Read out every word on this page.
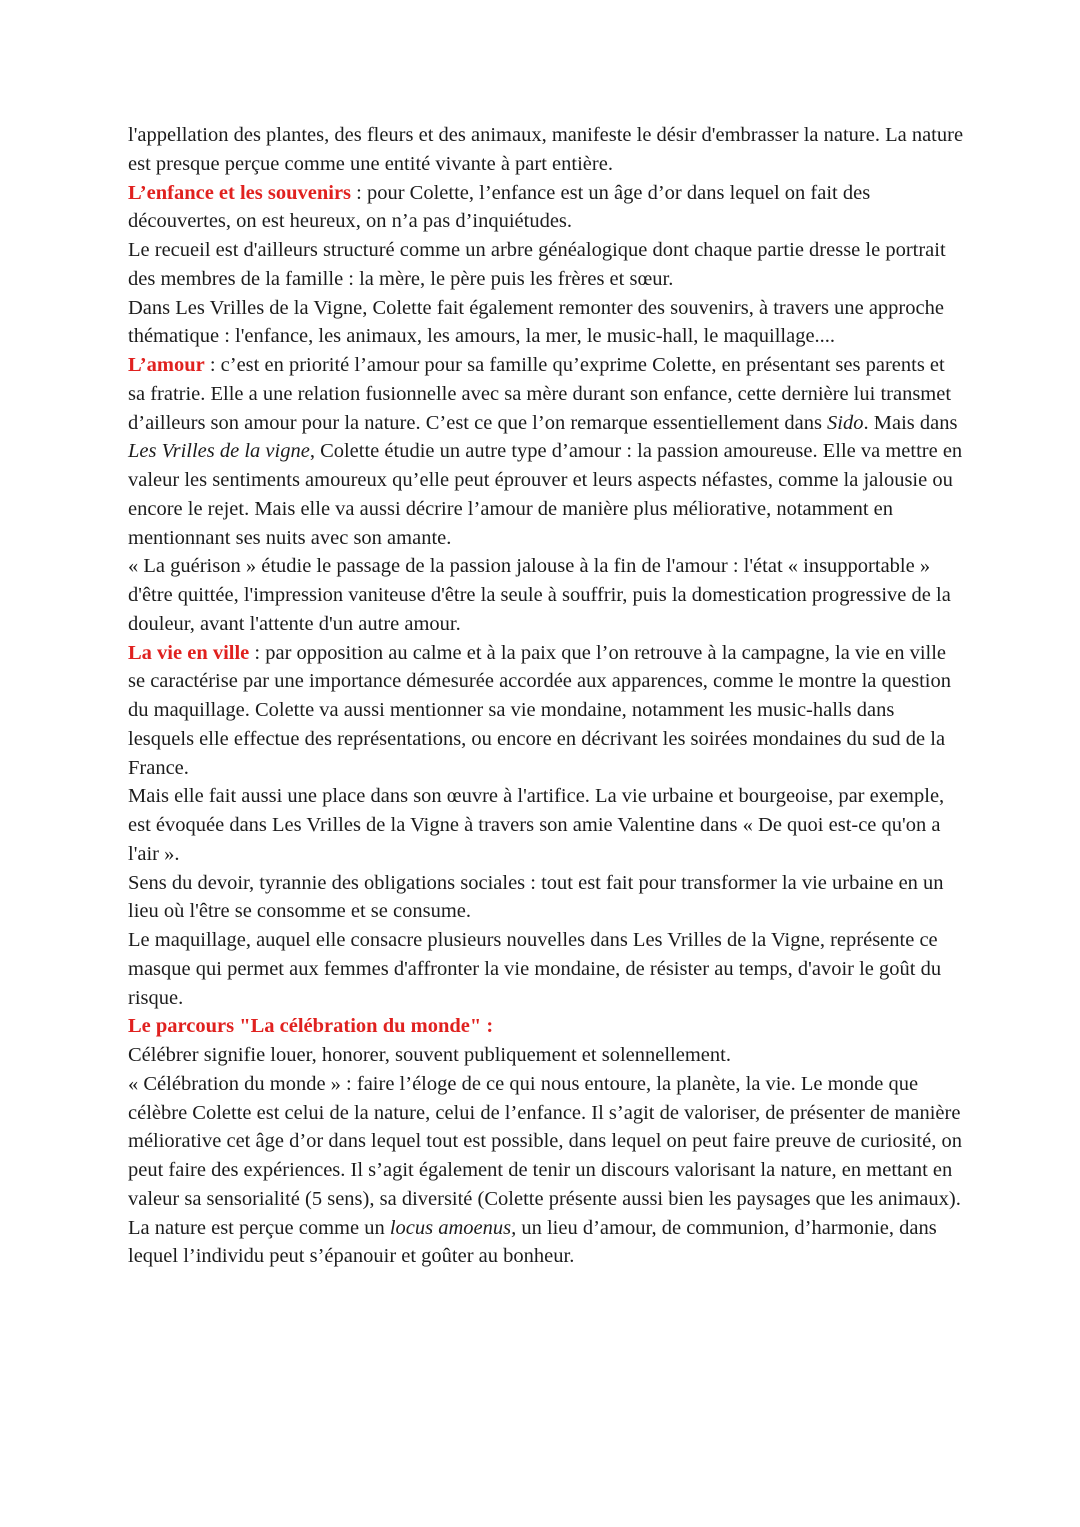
l'appellation des plantes, des fleurs et des animaux, manifeste le désir d'embrasser la nature. La nature est presque perçue comme une entité vivante à part entière.

L’enfance et les souvenirs : pour Colette, l’enfance est un âge d’or dans lequel on fait des découvertes, on est heureux, on n’a pas d’inquiétudes.

Le recueil est d'ailleurs structuré comme un arbre généalogique dont chaque partie dresse le portrait des membres de la famille : la mère, le père puis les frères et sœur.

Dans Les Vrilles de la Vigne, Colette fait également remonter des souvenirs, à travers une approche thématique : l'enfance, les animaux, les amours, la mer, le music-hall, le maquillage....

L’amour : c’est en priorité l’amour pour sa famille qu’exprime Colette, en présentant ses parents et sa fratrie. Elle a une relation fusionnelle avec sa mère durant son enfance, cette dernière lui transmet d’ailleurs son amour pour la nature. C’est ce que l’on remarque essentiellement dans Sido. Mais dans Les Vrilles de la vigne, Colette étudie un autre type d’amour : la passion amoureuse. Elle va mettre en valeur les sentiments amoureux qu’elle peut éprouver et leurs aspects néfastes, comme la jalousie ou encore le rejet. Mais elle va aussi décrire l’amour de manière plus méliorative, notamment en mentionnant ses nuits avec son amante.

« La guérison » étudie le passage de la passion jalouse à la fin de l'amour : l'état « insupportable » d'être quittée, l'impression vaniteuse d'être la seule à souffrir, puis la domestication progressive de la douleur, avant l'attente d'un autre amour.

La vie en ville : par opposition au calme et à la paix que l’on retrouve à la campagne, la vie en ville se caractérise par une importance démesurée accordée aux apparences, comme le montre la question du maquillage. Colette va aussi mentionner sa vie mondaine, notamment les music-halls dans lesquels elle effectue des représentations, ou encore en décrivant les soirées mondaines du sud de la France.

Mais elle fait aussi une place dans son œuvre à l'artifice. La vie urbaine et bourgeoise, par exemple, est évoquée dans Les Vrilles de la Vigne à travers son amie Valentine dans « De quoi est-ce qu'on a l'air ».

Sens du devoir, tyrannie des obligations sociales : tout est fait pour transformer la vie urbaine en un lieu où l'être se consomme et se consume.

Le maquillage, auquel elle consacre plusieurs nouvelles dans Les Vrilles de la Vigne, représente ce masque qui permet aux femmes d'affronter la vie mondaine, de résister au temps, d'avoir le goût du risque.

Le parcours "La célébration du monde" :

Célébrer signifie louer, honorer, souvent publiquement et solennellement.

« Célébration du monde » : faire l’éloge de ce qui nous entoure, la planète, la vie. Le monde que célèbre Colette est celui de la nature, celui de l’enfance. Il s’agit de valoriser, de présenter de manière méliorative cet âge d’or dans lequel tout est possible, dans lequel on peut faire preuve de curiosité, on peut faire des expériences. Il s’agit également de tenir un discours valorisant la nature, en mettant en valeur sa sensorialité (5 sens), sa diversité (Colette présente aussi bien les paysages que les animaux). La nature est perçue comme un locus amoenus, un lieu d’amour, de communion, d’harmonie, dans lequel l’individu peut s’épanouir et goûter au bonheur.
